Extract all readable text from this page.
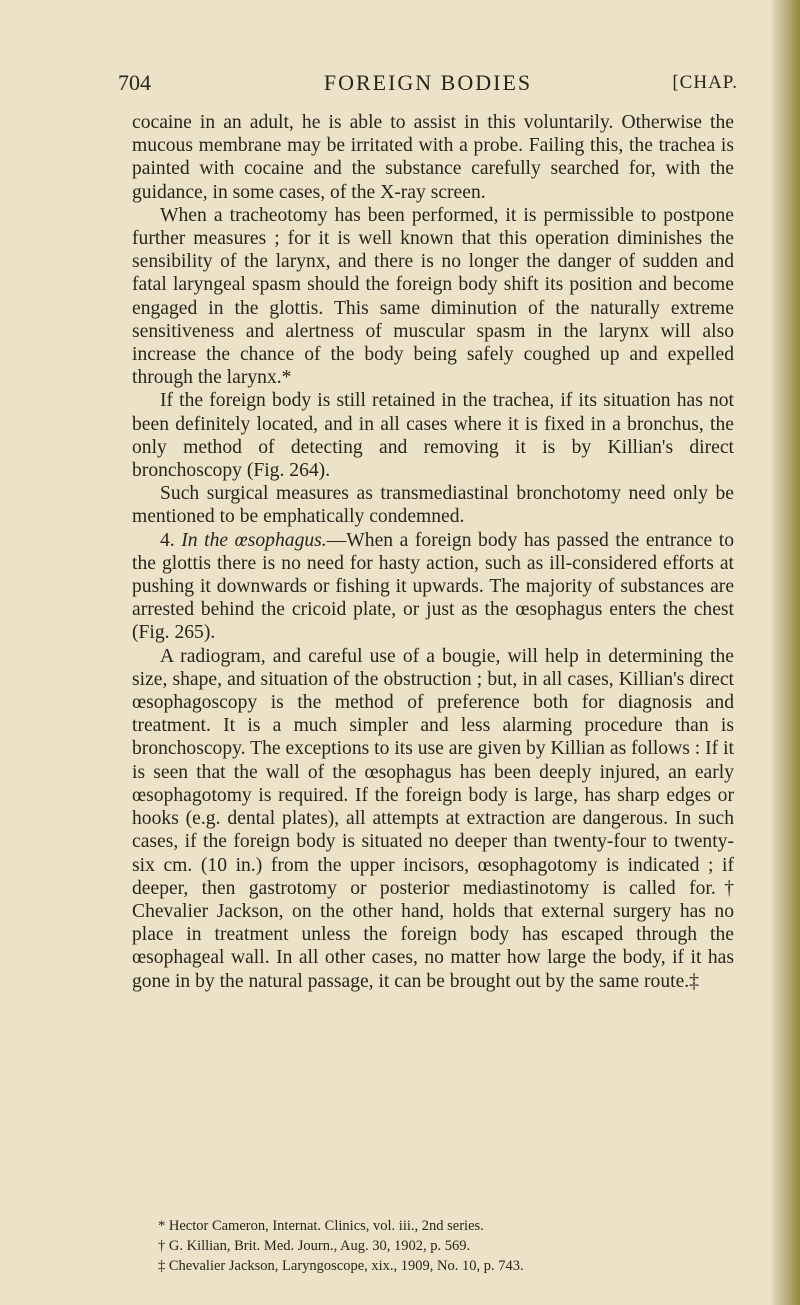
704	FOREIGN BODIES	[CHAP.

cocaine in an adult, he is able to assist in this voluntarily. Otherwise the mucous membrane may be irritated with a probe. Failing this, the trachea is painted with cocaine and the substance carefully searched for, with the guidance, in some cases, of the X-ray screen.

When a tracheotomy has been performed, it is permissible to postpone further measures ; for it is well known that this operation diminishes the sensibility of the larynx, and there is no longer the danger of sudden and fatal laryngeal spasm should the foreign body shift its position and become engaged in the glottis. This same diminution of the naturally extreme sensitiveness and alertness of muscular spasm in the larynx will also increase the chance of the body being safely coughed up and expelled through the larynx.*

If the foreign body is still retained in the trachea, if its situation has not been definitely located, and in all cases where it is fixed in a bronchus, the only method of detecting and removing it is by Killian's direct bronchoscopy (Fig. 264).

Such surgical measures as transmediastinal bronchotomy need only be mentioned to be emphatically condemned.

4. In the œsophagus.—When a foreign body has passed the entrance to the glottis there is no need for hasty action, such as ill-considered efforts at pushing it downwards or fishing it upwards. The majority of substances are arrested behind the cricoid plate, or just as the œsophagus enters the chest (Fig. 265).

A radiogram, and careful use of a bougie, will help in determining the size, shape, and situation of the obstruction ; but, in all cases, Killian's direct œsophagoscopy is the method of preference both for diagnosis and treatment. It is a much simpler and less alarming procedure than is bronchoscopy. The exceptions to its use are given by Killian as follows : If it is seen that the wall of the œsophagus has been deeply injured, an early œsophagotomy is required. If the foreign body is large, has sharp edges or hooks (e.g. dental plates), all attempts at extraction are dangerous. In such cases, if the foreign body is situated no deeper than twenty-four to twenty-six cm. (10 in.) from the upper incisors, œsophagotomy is indicated ; if deeper, then gastrotomy or posterior mediastinotomy is called for.† Chevalier Jackson, on the other hand, holds that external surgery has no place in treatment unless the foreign body has escaped through the œsophageal wall. In all other cases, no matter how large the body, if it has gone in by the natural passage, it can be brought out by the same route.‡

* Hector Cameron, Internat. Clinics, vol. iii., 2nd series.
† G. Killian, Brit. Med. Journ., Aug. 30, 1902, p. 569.
‡ Chevalier Jackson, Laryngoscope, xix., 1909, No. 10, p. 743.
